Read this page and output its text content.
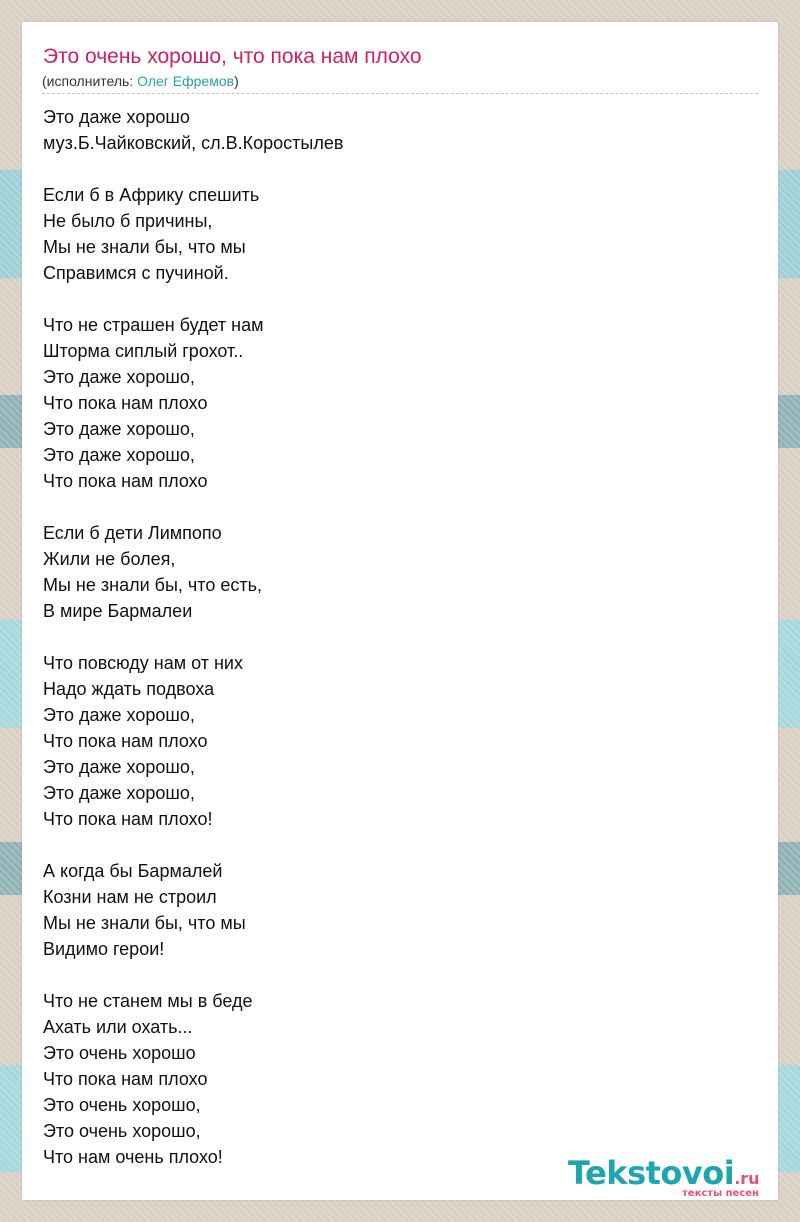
Это очень хорошо, что пока нам плохо
(исполнитель: Олег Ефремов)
Это даже хорошо
муз.Б.Чайковский, сл.В.Коростылев
Если б в Африку спешить
Не было б причины,
Мы не знали бы, что мы
Справимся с пучиной.
Что не страшен будет нам
Шторма сиплый грохот..
Это даже хорошо,
Что пока нам плохо
Это даже хорошо,
Это даже хорошо,
Что пока нам плохо
Если б дети Лимпопо
Жили не болея,
Мы не знали бы, что есть,
В мире Бармалеи
Что повсюду нам от них
Надо ждать подвоха
Это даже хорошо,
Что пока нам плохо
Это даже хорошо,
Это даже хорошо,
Что пока нам плохо!
А когда бы Бармалей
Козни нам не строил
Мы не знали бы, что мы
Видимо герои!
Что не станем мы в беде
Ахать или охать...
Это очень хорошо
Что пока нам плохо
Это очень хорошо,
Это очень хорошо,
Что нам очень плохо!	Tekstovoi.ru
тексты песен
